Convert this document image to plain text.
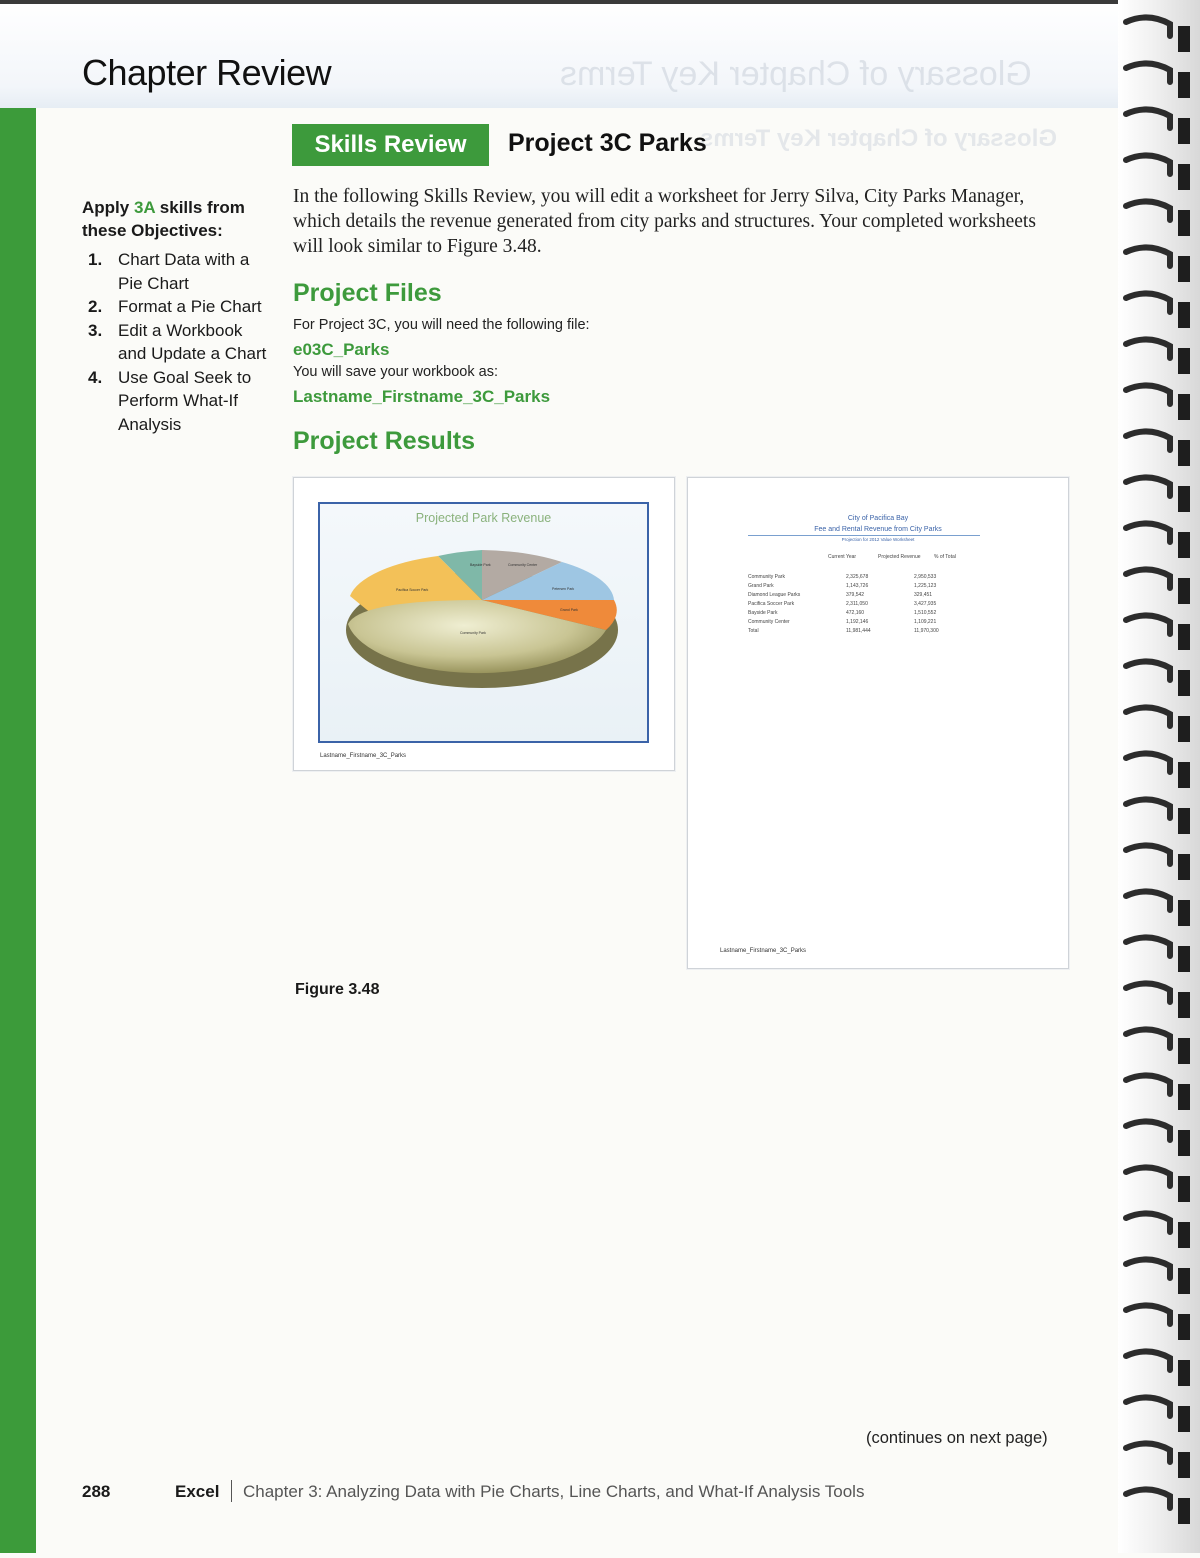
Glossary of Chapter Key Terms
Glossary of Chapter Key Terms
Chapter Review
Skills Review	Project 3C Parks
Apply 3A skills from these Objectives:
1. Chart Data with a Pie Chart
2. Format a Pie Chart
3. Edit a Workbook and Update a Chart
4. Use Goal Seek to Perform What-If Analysis

In the following Skills Review, you will edit a worksheet for Jerry Silva, City Parks Manager, which details the revenue generated from city parks and structures. Your completed worksheets will look similar to Figure 3.48.

Project Files
For Project 3C, you will need the following file:
e03C_Parks
You will save your workbook as:
Lastname_Firstname_3C_Parks
Project Results
Projected Park Revenue
Bayside Park	Community Center
Petersen Park
Grand Park
Pacifica Soccer Park
Community Park
Lastname_Firstname_3C_Parks
City of Pacifica Bay
Fee and Rental Revenue from City Parks
Projection for 2012 Value Worksheet
Current Year	Projected Revenue	% of Total
Community Park	2,325,678	2,950,533
Grand Park	1,143,726	1,225,123
Diamond League Parks	379,542	329,451
Pacifica Soccer Park	2,311,050	3,427,935
Bayside Park	472,160	1,510,552
Community Center	1,192,146	1,109,221
Total	11,981,444	11,970,300
Lastname_Firstname_3C_Parks
Figure 3.48
(continues on next page)
288	Excel Chapter 3: Analyzing Data with Pie Charts, Line Charts, and What-If Analysis Tools
